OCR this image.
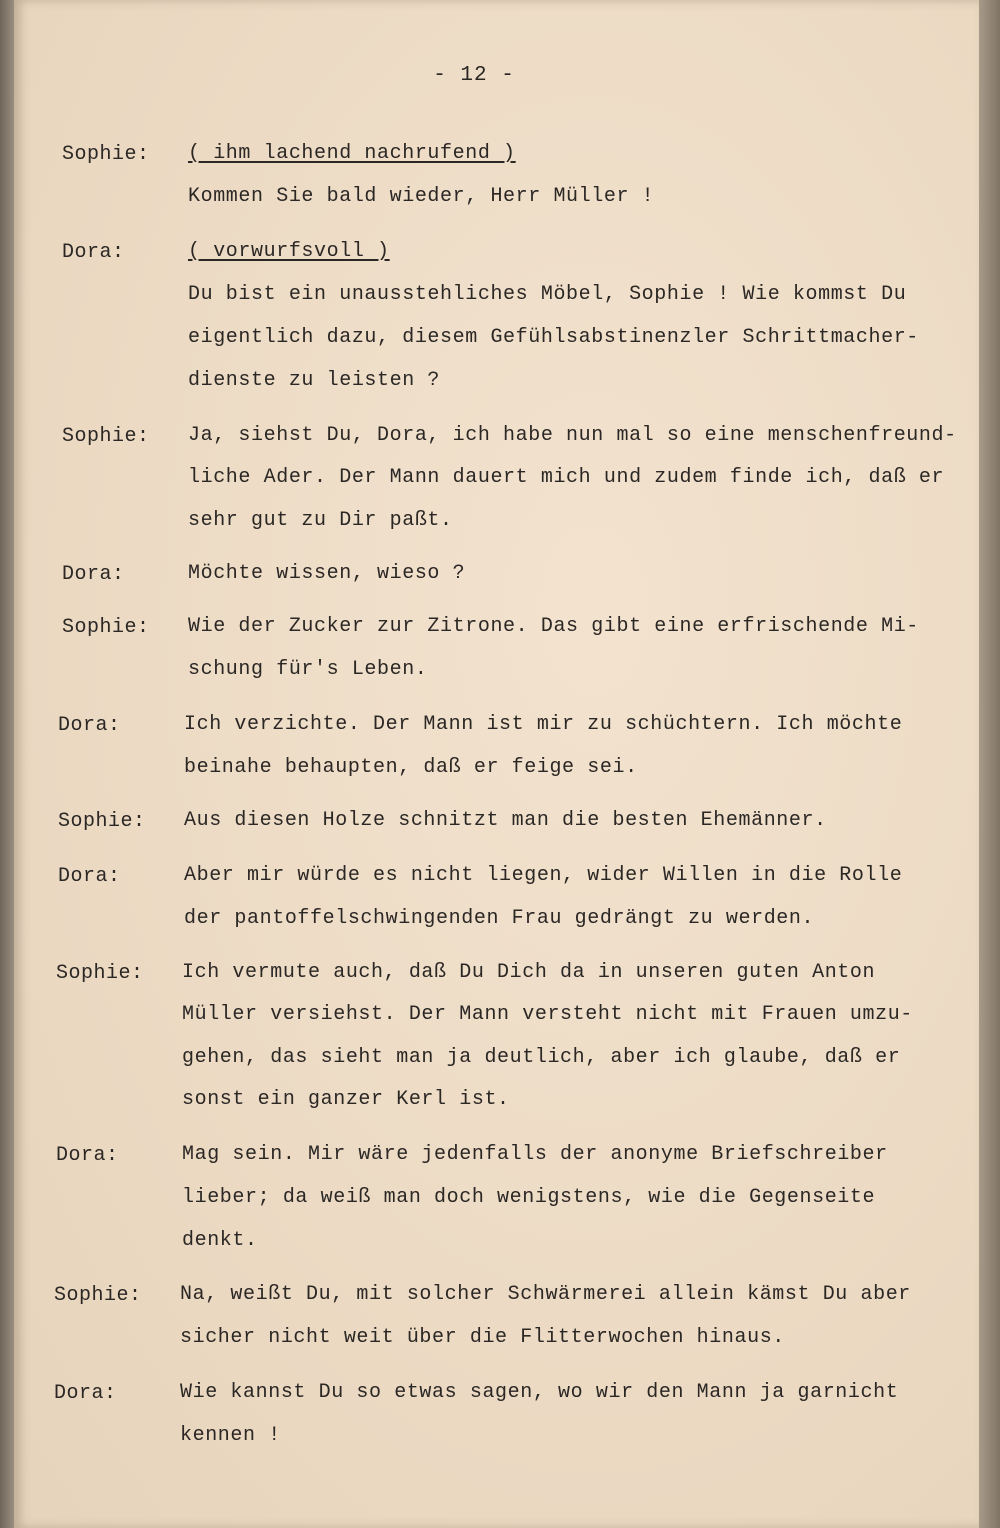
- 12 -
Sophie: ( ihm lachend nachrufend )
Kommen Sie bald wieder, Herr Müller !
Dora:	( vorwurfsvoll )
Du bist ein unausstehliches Möbel, Sophie ! Wie kommst Du
eigentlich dazu, diesem Gefühlsabstinenzler Schrittmacher-
dienste zu leisten ?
Sophie: Ja, siehst Du, Dora, ich habe nun mal so eine menschenfreund-
liche Ader. Der Mann dauert mich und zudem finde ich, daß er
sehr gut zu Dir paßt.
Dora:	Möchte wissen, wieso ?
Sophie: Wie der Zucker zur Zitrone. Das gibt eine erfrischende Mi-
schung für's Leben.
Dora:	Ich verzichte. Der Mann ist mir zu schüchtern. Ich möchte
beinahe behaupten, daß er feige sei.
Sophie: Aus diesen Holze schnitzt man die besten Ehemänner.
Dora:	Aber mir würde es nicht liegen, wider Willen in die Rolle
der pantoffelschwingenden Frau gedrängt zu werden.
Sophie: Ich vermute auch, daß Du Dich da in unseren guten Anton
Müller versiehst. Der Mann versteht nicht mit Frauen umzu-
gehen, das sieht man ja deutlich, aber ich glaube, daß er
sonst ein ganzer Kerl ist.
Dora:	Mag sein. Mir wäre jedenfalls der anonyme Briefschreiber
lieber; da weiß man doch wenigstens, wie die Gegenseite
denkt.
Sophie: Na, weißt Du, mit solcher Schwärmerei allein kämst Du aber
sicher nicht weit über die Flitterwochen hinaus.
Dora:	Wie kannst Du so etwas sagen, wo wir den Mann ja garnicht
kennen !
